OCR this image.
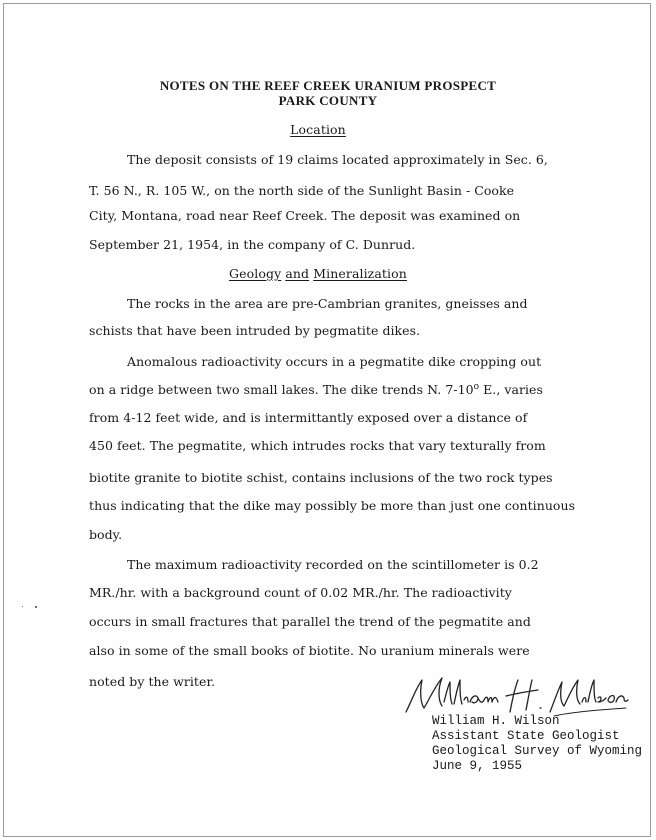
NOTES ON THE REEF CREEK URANIUM PROSPECT
PARK COUNTY
Location
The deposit consists of 19 claims located approximately in Sec. 6,
T. 56 N., R. 105 W., on the north side of the Sunlight Basin - Cooke
City, Montana, road near Reef Creek. The deposit was examined on
September 21, 1954, in the company of C. Dunrud.
Geology and Mineralization
The rocks in the area are pre-Cambrian granites, gneisses and
schists that have been intruded by pegmatite dikes.
Anomalous radioactivity occurs in a pegmatite dike cropping out
on a ridge between two small lakes. The dike trends N. 7-10$^o$ E., varies
from 4-12 feet wide, and is intermittantly exposed over a distance of
450 feet. The pegmatite, which intrudes rocks that vary texturally from
biotite granite to biotite schist, contains inclusions of the two rock types
thus indicating that the dike may possibly be more than just one continuous
body.
The maximum radioactivity recorded on the scintillometer is 0.2
MR./hr. with a background count of 0.02 MR./hr. The radioactivity
occurs in small fractures that parallel the trend of the pegmatite and
also in some of the small books of biotite. No uranium minerals were
noted by the writer.
William H. Wilson
Assistant State Geologist
Geological Survey of Wyoming
June 9, 1955
